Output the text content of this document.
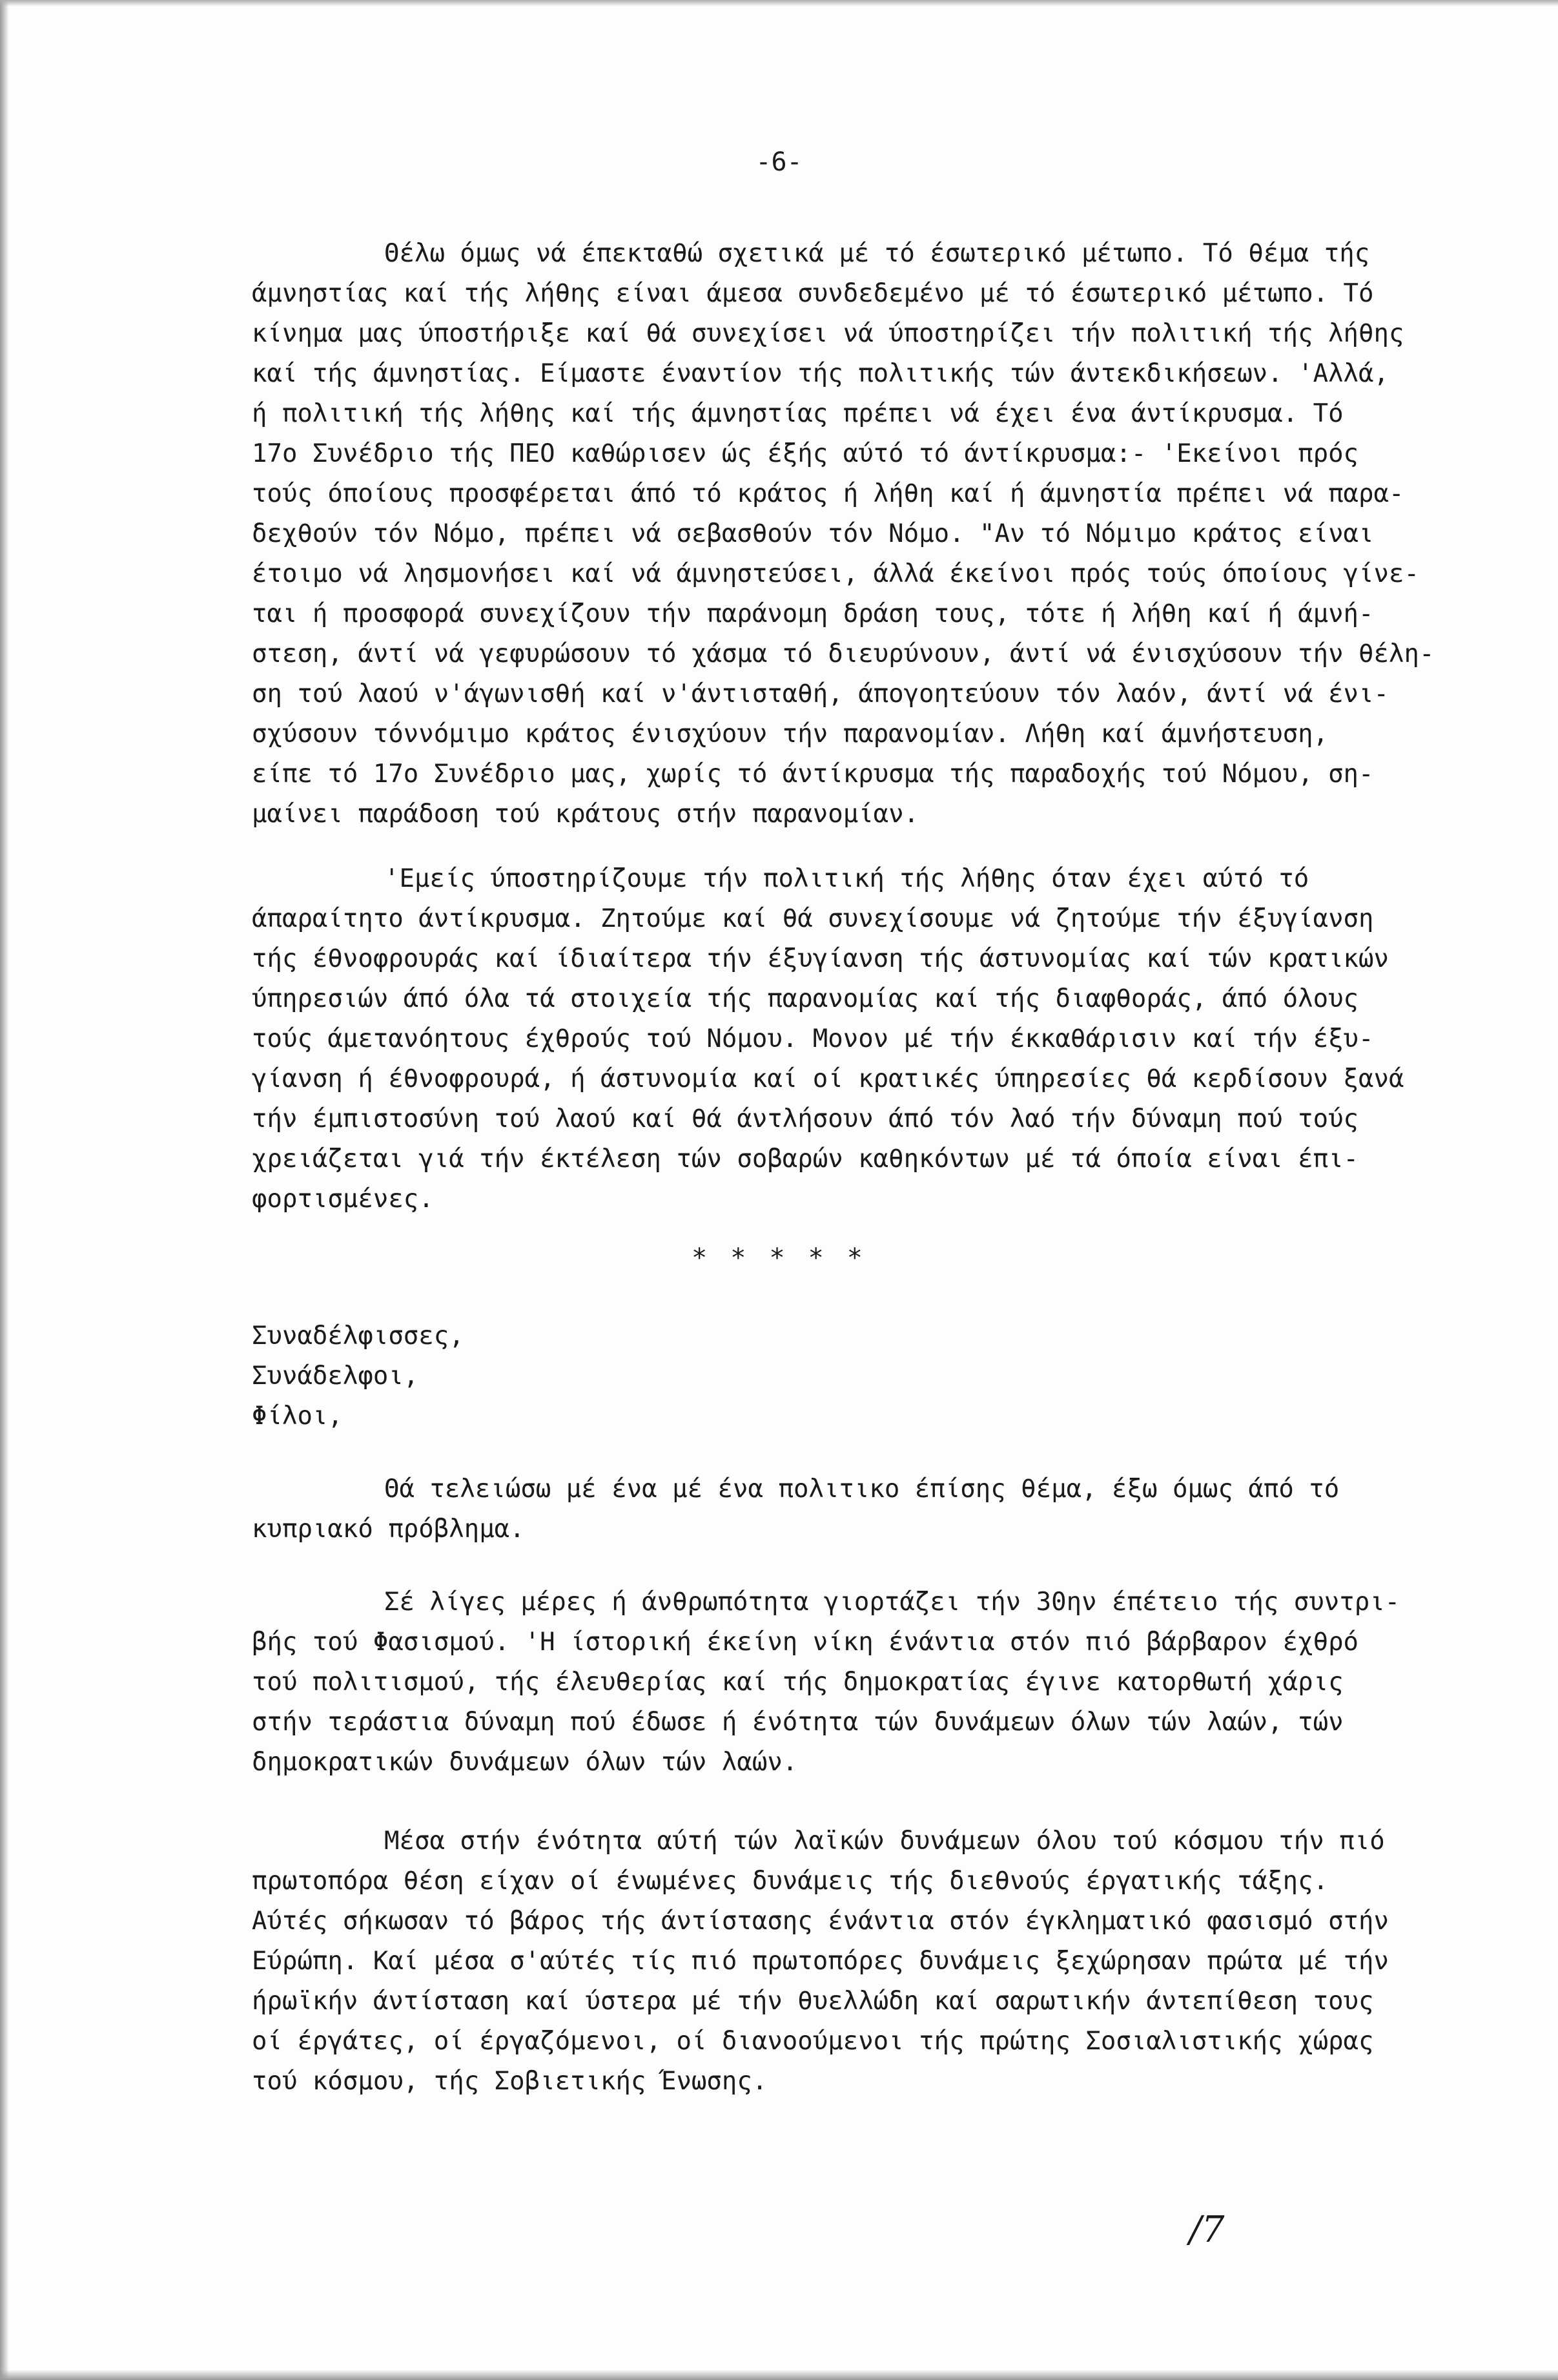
-6-
Θέλω όμως νά έπεκταθώ σχετικά μέ τό έσωτερικό μέτωπο. Τό θέμα τής
άμνηστίας καί τής λήθης είναι άμεσα συνδεδεμένο μέ τό έσωτερικό μέτωπο. Τό
κίνημα μας ύποστήριξε καί θά συνεχίσει νά ύποστηρίζει τήν πολιτική τής λήθης
καί τής άμνηστίας. Είμαστε έναντίον τής πολιτικής τών άντεκδικήσεων. 'Αλλά,
ή πολιτική τής λήθης καί τής άμνηστίας πρέπει νά έχει ένα άντίκρυσμα. Τό
17ο Συνέδριο τής ΠΕΟ καθώρισεν ώς έξής αύτό τό άντίκρυσμα:- 'Εκείνοι πρός
τούς όποίους προσφέρεται άπό τό κράτος ή λήθη καί ή άμνηστία πρέπει νά παρα-
δεχθούν τόν Νόμο, πρέπει νά σεβασθούν τόν Νόμο. "Αν τό Νόμιμο κράτος είναι
έτοιμο νά λησμονήσει καί νά άμνηστεύσει, άλλά έκείνοι πρός τούς όποίους γίνε-
ται ή προσφορά συνεχίζουν τήν παράνομη δράση τους, τότε ή λήθη καί ή άμνή-
στεση, άντί νά γεφυρώσουν τό χάσμα τό διευρύνουν, άντί νά ένισχύσουν τήν θέλη-
ση τού λαού ν'άγωνισθή καί ν'άντισταθή, άπογοητεύουν τόν λαόν, άντί νά ένι-
σχύσουν τόννόμιμο κράτος ένισχύουν τήν παρανομίαν. Λήθη καί άμνήστευση,
είπε τό 17ο Συνέδριο μας, χωρίς τό άντίκρυσμα τής παραδοχής τού Νόμου, ση-
μαίνει παράδοση τού κράτους στήν παρανομίαν.
'Εμείς ύποστηρίζουμε τήν πολιτική τής λήθης όταν έχει αύτό τό
άπαραίτητο άντίκρυσμα. Ζητούμε καί θά συνεχίσουμε νά ζητούμε τήν έξυγίανση
τής έθνοφρουράς καί ίδιαίτερα τήν έξυγίανση τής άστυνομίας καί τών κρατικών
ύπηρεσιών άπό όλα τά στοιχεία τής παρανομίας καί τής διαφθοράς, άπό όλους
τούς άμετανόητους έχθρούς τού Νόμου. Μονον μέ τήν έκκαθάρισιν καί τήν έξυ-
γίανση ή έθνοφρουρά, ή άστυνομία καί οί κρατικές ύπηρεσίες θά κερδίσουν ξανά
τήν έμπιστοσύνη τού λαού καί θά άντλήσουν άπό τόν λαό τήν δύναμη πού τούς
χρειάζεται γιά τήν έκτέλεση τών σοβαρών καθηκόντων μέ τά όποία είναι έπι-
φορτισμένες.
* * * * *
Συναδέλφισσες,
Συνάδελφοι,
Φίλοι,
Θά τελειώσω μέ ένα μέ ένα πολιτικο έπίσης θέμα, έξω όμως άπό τό
κυπριακό πρόβλημα.
Σέ λίγες μέρες ή άνθρωπότητα γιορτάζει τήν 30ην έπέτειο τής συντρι-
βής τού Φασισμού. 'Η ίστορική έκείνη νίκη ένάντια στόν πιό βάρβαρον έχθρό
τού πολιτισμού, τής έλευθερίας καί τής δημοκρατίας έγινε κατορθωτή χάρις
στήν τεράστια δύναμη πού έδωσε ή ένότητα τών δυνάμεων όλων τών λαών, τών
δημοκρατικών δυνάμεων όλων τών λαών.
Μέσα στήν ένότητα αύτή τών λαϊκών δυνάμεων όλου τού κόσμου τήν πιό
πρωτοπόρα θέση είχαν οί ένωμένες δυνάμεις τής διεθνούς έργατικής τάξης.
Αύτές σήκωσαν τό βάρος τής άντίστασης ένάντια στόν έγκληματικό φασισμό στήν
Εύρώπη. Καί μέσα σ'αύτές τίς πιό πρωτοπόρες δυνάμεις ξεχώρησαν πρώτα μέ τήν
ήρωϊκήν άντίσταση καί ύστερα μέ τήν θυελλώδη καί σαρωτικήν άντεπίθεση τους
οί έργάτες, οί έργαζόμενοι, οί διανοούμενοι τής πρώτης Σοσιαλιστικής χώρας
τού κόσμου, τής Σοβιετικής Ένωσης.
/7
